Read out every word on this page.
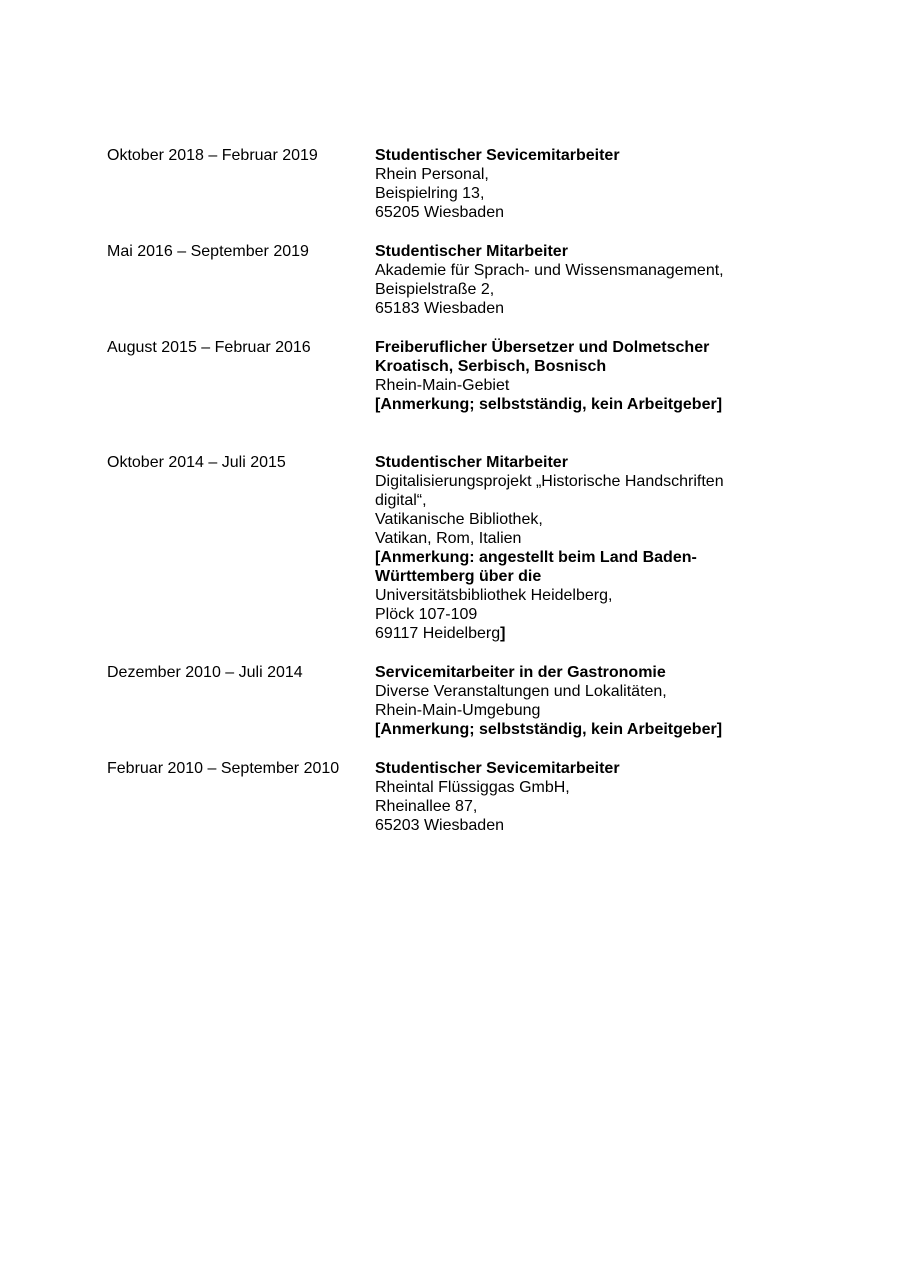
Oktober 2018 – Februar 2019	Studentischer Sevicemitarbeiter
Rhein Personal,
Beispielring 13,
65205 Wiesbaden
Mai 2016 – September 2019	Studentischer Mitarbeiter
Akademie für Sprach- und Wissensmanagement,
Beispielstraße 2,
65183 Wiesbaden
August 2015 – Februar 2016	Freiberuflicher Übersetzer und Dolmetscher
Kroatisch, Serbisch, Bosnisch
Rhein-Main-Gebiet
[Anmerkung; selbstständig, kein Arbeitgeber]
Oktober 2014 – Juli 2015	Studentischer Mitarbeiter
Digitalisierungsprojekt „Historische Handschriften
digital“,
Vatikanische Bibliothek,
Vatikan, Rom, Italien
[Anmerkung: angestellt beim Land Baden-
Württemberg über die
Universitätsbibliothek Heidelberg,
Plöck 107-109
69117 Heidelberg]
Dezember 2010 – Juli 2014	Servicemitarbeiter in der Gastronomie
Diverse Veranstaltungen und Lokalitäten,
Rhein-Main-Umgebung
[Anmerkung; selbstständig, kein Arbeitgeber]
Februar 2010 – September 2010	Studentischer Sevicemitarbeiter
Rheintal Flüssiggas GmbH,
Rheinallee 87,
65203 Wiesbaden
